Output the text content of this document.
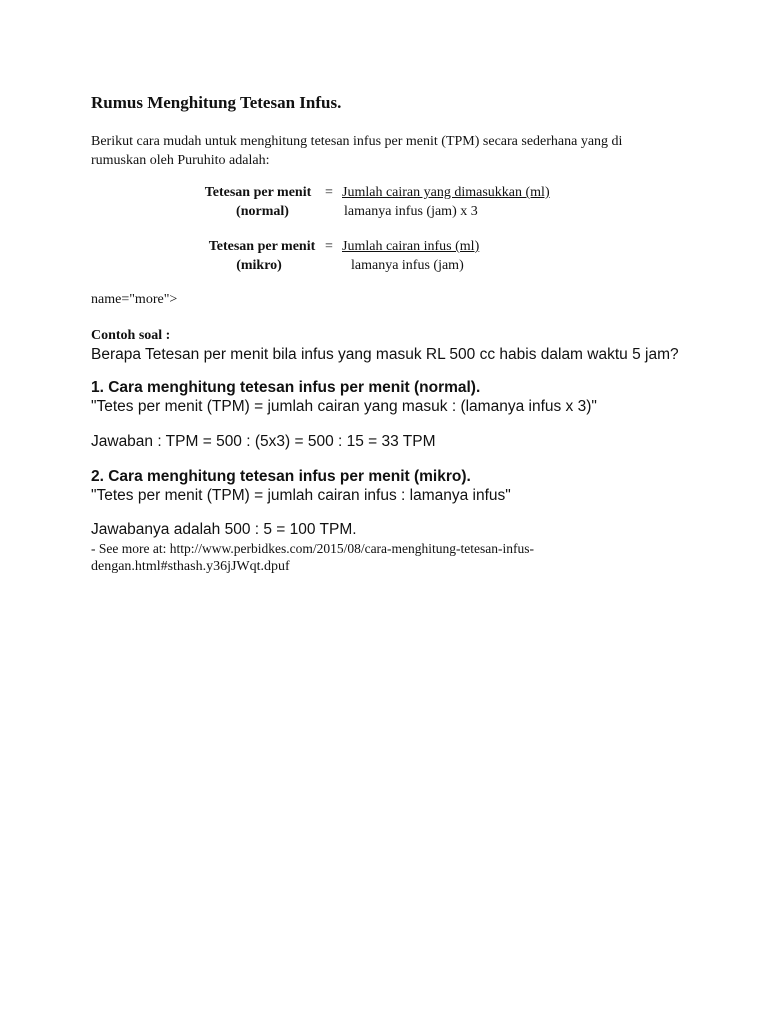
Rumus Menghitung Tetesan Infus.
Berikut cara mudah untuk menghitung tetesan infus per menit (TPM) secara sederhana yang di
rumuskan oleh Puruhito adalah:
Tetesan per menit
(normal)
= Jumlah cairan yang dimasukkan (ml)
lamanya infus (jam) x 3
Tetesan per menit
(mikro)
= Jumlah cairan infus (ml)
lamanya infus (jam)
name="more">
Contoh soal :
Berapa Tetesan per menit bila infus yang masuk RL 500 cc habis dalam waktu 5 jam?
1. Cara menghitung tetesan infus per menit (normal).
"Tetes per menit (TPM) = jumlah cairan yang masuk : (lamanya infus x 3)"
Jawaban : TPM = 500 : (5x3) = 500 : 15 = 33 TPM
2. Cara menghitung tetesan infus per menit (mikro).
"Tetes per menit (TPM) = jumlah cairan infus : lamanya infus"
Jawabanya adalah 500 : 5 = 100 TPM.
- See more at: http://www.perbidkes.com/2015/08/cara-menghitung-tetesan-infus-
dengan.html#sthash.y36jJWqt.dpuf
